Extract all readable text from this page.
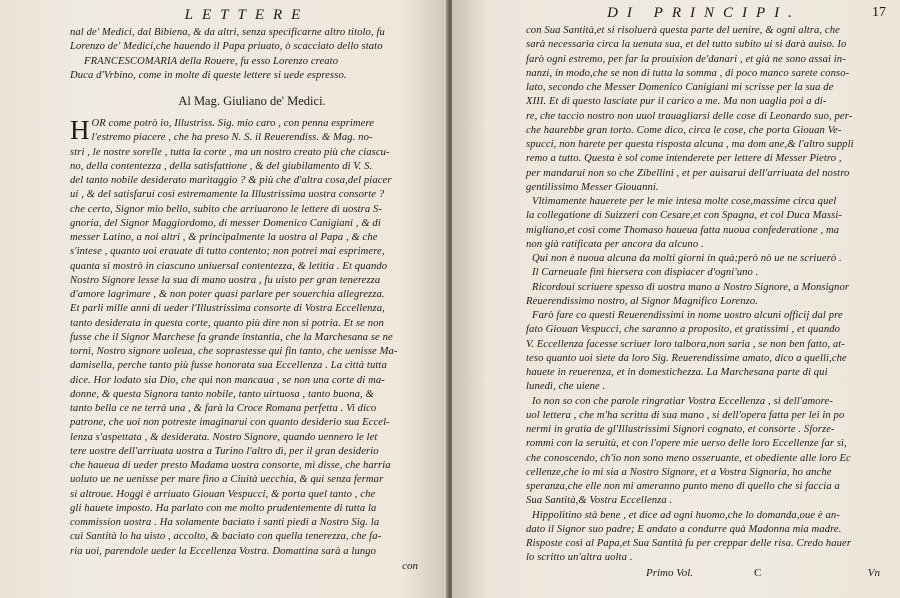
LETTERE
nal de' Medici, dal Bibiena, & da altri, senza specificarne altro titolo, fu
Lorenzo de' Medici,che hauendo il Papa priuato, ò scacciato dello stato
FRANCESCOMARIA della Rouere, fu esso Lorenzo creato
Duca d'Vrbino, come in molte di queste lettere si uede espresso.
Al Mag. Giuliano de' Medici.
H OR come potrò io, Illustriss. Sig. mio caro , con penna esprimere
l'estremo piacere , che ha preso N. S. il Reuerendiss. & Mag. no-
stri , le nostre sorelle , tutta la corte , ma un nostro creato più che ciascu-
no, della contentezza , della satisfattione , & del giubilamento di V. S.
del tanto nobile desiderato maritaggio ? & più che d'altra cosa,del piacer
ui , & del satisfarui così estremamente la Illustrissima uostra consorte ?
che certo, Signor mio bello, subito che arriuarono le lettere di uostra S-
gnoria, del Signor Maggiordomo, di messer Domenico Canigiani , & di
messer Latino, a noi altri , & principalmente la uostra al Papa , & che
s'intese , quanto uoi erauate di tutto contento; non potrei mai esprimere,
quanta si mostrò in ciascuno uniuersal contentezza, & letitia . Et quando
Nostro Signore lesse la sua di mano uostra , fu uisto per gran tenerezza
d'amore lagrimare , & non poter quasi parlare per souerchia allegrezza.
Et parli mille anni di ueder l'Illustrissima consorte di Vostra Eccellenza,
tanto desiderata in questa corte, quanto più dire non si potria. Et se non
fusse che il Signor Marchese fa grande instantia, che la Marchesana se ne
torni, Nostro signore uoleua, che soprastesse qui fin tanto, che uenisse Ma-
damisella, perche tanto più fusse honorata sua Eccellenza . La città tutta
dice. Hor lodato sia Dio, che qui non mancaua , se non una corte di ma-
donne, & questa Signora tanto nobile, tanto uirtuosa , tanto buona, &
tanto bella ce ne terrà una , & farà la Croce Romana perfetta . Vi dico
patrone, che uoi non potreste imaginarui con quanto desiderio sua Eccel-
lenza s'aspettata , & desiderata. Nostro Signore, quando uennero le let
tere uostre dell'arriuata uostra a Turino l'altro dì, per il gran desiderio
che haueua di ueder presto Madama uostra consorte, mi disse, che harria
uoluto ue ne uenisse per mare fino a Ciuità uecchia, & qui senza fermar
si altroue. Hoggi è arriuato Giouan Vespucci, & porta quel tanto , che
gli hauete imposto. Ha parlato con me molto prudentemente di tutta la
commission uostra . Ha solamente baciato i santi piedi a Nostro Sig. la
cui Santità lo ha uisto , accolto, & baciato con quella tenerezza, che fa-
ria uoi, parendole ueder la Eccellenza Vostra. Domattina sarà a lungo
con
DI PRINCIPI.	17
con Sua Santità,et si risoluerà questa parte del uenire, & ogni altra, che
sarà necessaria circa la uenuta sua, et del tutto subito ui si darà auiso. Io
farò ogni estremo, per far la prouision de'danari , et già ne sono assai in-
nanzi, in modo,che se non di tutta la somma , di poco manco sarete conso-
lato, secondo che Messer Domenico Canigiani mi scrisse per la sua de
XIII. Et di questo lasciate pur il carico a me. Ma non uaglia poi a di-
re, che taccio nostro non uuol trauagliarsi delle cose di Leonardo suo, per-
che haurebbe gran torto. Come dico, circa le cose, che porta Giouan Ve-
spucci, non harete per questa risposta alcuna , ma dom ane,& l'altro suppli
remo a tutto. Questa è sol come intenderete per lettere di Messer Pietro ,
per mandarui non so che Zibellini , et per auisarui dell'arriuata del nostro
gentilissimo Messer Giouanni.
Vltimamente hauerete per le mie intesa molte cose,massime circa quel
la collegatione di Suizzeri con Cesare,et con Spagna, et col Duca Massi-
migliano,et così come Thomaso haueua fatta nuoua confederatione , ma
non già ratificata per ancora da alcuno .
Qui non è nuoua alcuna da molti giorni in quà;però nò ue ne scriuerò .
Il Carneuale finì hiersera con dispiacer d'ogni'uno .
Ricordoui scriuere spesso di uostra mano a Nostro Signore, a Monsignor
Reuerendissimo nostro, al Signor Magnifico Lorenzo.
Farò fare co questi Reuerendissimi in nome uostro alcuni officij dal pre
fato Giouan Vespucci, che saranno a proposito, et gratissimi , et quando
V. Eccellenza facesse scriuer loro talbora,non saria , se non ben fatto, at-
teso quanto uoi siete da loro Sig. Reuerendissime amato, dico a quelli,che
hauete in reuerenza, et in domestichezza. La Marchesana parte di qui
lunedì, che uiene .
Io non so con che parole ringratiar Vostra Eccellenza , si dell'amore-
uol lettera , che m'ha scritta di sua mano , si dell'opera fatta per lei in po
nermi in gratia de gl'Illustrissimi Signori cognato, et consorte . Sforze-
rommi con la seruitù, et con l'opere mie uerso delle loro Eccellenze far sì,
che conoscendo, ch'io non sono meno osseruante, et obediente alle loro Ec
cellenze,che io mi sia a Nostro Signore, et a Vostra Signoria, ho anche
speranza,che elle non mi ameranno punto meno di quello che si faccia a
Sua Santità,& Vostra Eccellenza .
Hippolitino stà bene , et dice ad ogni huomo,che lo domanda,oue è an-
dato il Signor suo padre; E andato a condurre quà Madonna mia madre.
Risposte così al Papa,et Sua Santità fu per creppar delle risa. Credo hauer
lo scritto un'altra uolta .
Primo Vol.	C	Vn
